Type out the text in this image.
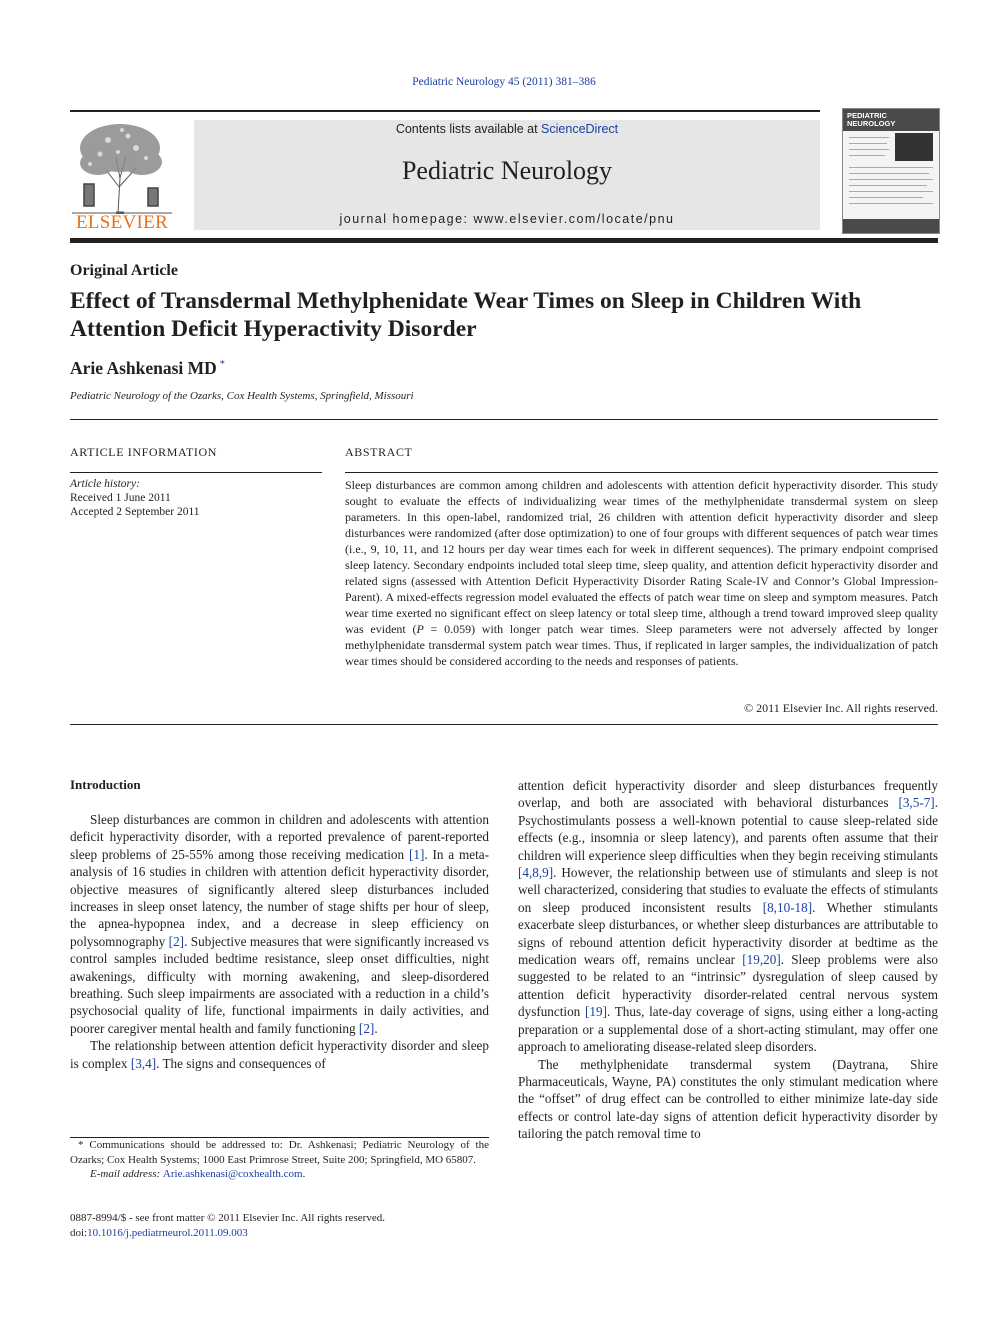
Pediatric Neurology 45 (2011) 381–386
ELSEVIER
Contents lists available at ScienceDirect
Pediatric Neurology
journal homepage: www.elsevier.com/locate/pnu
PEDIATRIC NEUROLOGY
Original Article
Effect of Transdermal Methylphenidate Wear Times on Sleep in Children With Attention Deficit Hyperactivity Disorder
Arie Ashkenasi MD *
Pediatric Neurology of the Ozarks, Cox Health Systems, Springfield, Missouri
ARTICLE INFORMATION	ABSTRACT
Article history:
Received 1 June 2011
Accepted 2 September 2011
Sleep disturbances are common among children and adolescents with attention deficit hyperactivity disorder. This study sought to evaluate the effects of individualizing wear times of the methylphenidate transdermal system on sleep parameters. In this open-label, randomized trial, 26 children with attention deficit hyperactivity disorder and sleep disturbances were randomized (after dose optimization) to one of four groups with different sequences of patch wear times (i.e., 9, 10, 11, and 12 hours per day wear times each for week in different sequences). The primary endpoint comprised sleep latency. Secondary endpoints included total sleep time, sleep quality, and attention deficit hyperactivity disorder and related signs (assessed with Attention Deficit Hyperactivity Disorder Rating Scale-IV and Connor’s Global Impression-Parent). A mixed-effects regression model evaluated the effects of patch wear time on sleep and symptom measures. Patch wear time exerted no significant effect on sleep latency or total sleep time, although a trend toward improved sleep quality was evident (P = 0.059) with longer patch wear times. Sleep parameters were not adversely affected by longer methylphenidate transdermal system patch wear times. Thus, if replicated in larger samples, the individualization of patch wear times should be considered according to the needs and responses of patients.
© 2011 Elsevier Inc. All rights reserved.
Introduction

Sleep disturbances are common in children and adolescents with attention deficit hyperactivity disorder, with a reported prevalence of parent-reported sleep problems of 25-55% among those receiving medication [1]. In a meta-analysis of 16 studies in children with attention deficit hyperactivity disorder, objective measures of significantly altered sleep disturbances included increases in sleep onset latency, the number of stage shifts per hour of sleep, the apnea-hypopnea index, and a decrease in sleep efficiency on polysomnography [2]. Subjective measures that were significantly increased vs control samples included bedtime resistance, sleep onset difficulties, night awakenings, difficulty with morning awakening, and sleep-disordered breathing. Such sleep impairments are associated with a reduction in a child’s psychosocial quality of life, functional impairments in daily activities, and poorer caregiver mental health and family functioning [2].

The relationship between attention deficit hyperactivity disorder and sleep is complex [3,4]. The signs and consequences of

attention deficit hyperactivity disorder and sleep disturbances frequently overlap, and both are associated with behavioral disturbances [3,5-7]. Psychostimulants possess a well-known potential to cause sleep-related side effects (e.g., insomnia or sleep latency), and parents often assume that their children will experience sleep difficulties when they begin receiving stimulants [4,8,9]. However, the relationship between use of stimulants and sleep is not well characterized, considering that studies to evaluate the effects of stimulants on sleep produced inconsistent results [8,10-18]. Whether stimulants exacerbate sleep disturbances, or whether sleep disturbances are attributable to signs of rebound attention deficit hyperactivity disorder at bedtime as the medication wears off, remains unclear [19,20]. Sleep problems were also suggested to be related to an “intrinsic” dysregulation of sleep caused by attention deficit hyperactivity disorder-related central nervous system dysfunction [19]. Thus, late-day coverage of signs, using either a long-acting preparation or a supplemental dose of a short-acting stimulant, may offer one approach to ameliorating disease-related sleep disorders.

The methylphenidate transdermal system (Daytrana, Shire Pharmaceuticals, Wayne, PA) constitutes the only stimulant medication where the “offset” of drug effect can be controlled to either minimize late-day side effects or control late-day signs of attention deficit hyperactivity disorder by tailoring the patch removal time to

* Communications should be addressed to: Dr. Ashkenasi; Pediatric Neurology of the Ozarks; Cox Health Systems; 1000 East Primrose Street, Suite 200; Springfield, MO 65807.
E-mail address: Arie.ashkenasi@coxhealth.com.
0887-8994/$ - see front matter © 2011 Elsevier Inc. All rights reserved.
doi:10.1016/j.pediatrneurol.2011.09.003
